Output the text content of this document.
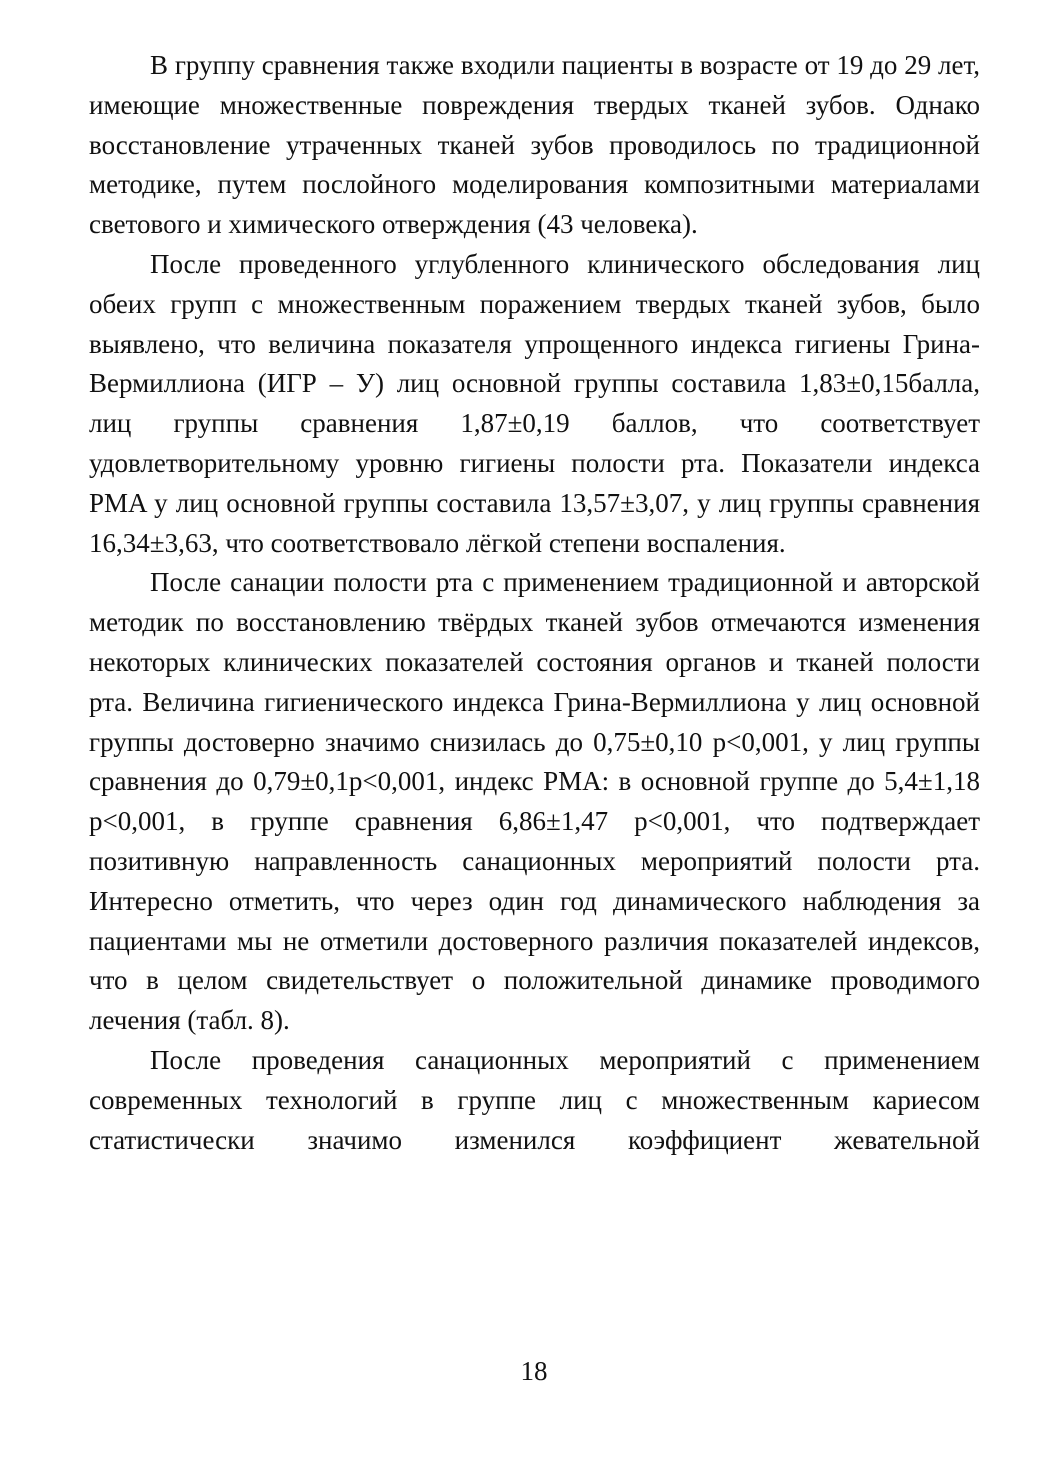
В группу сравнения также входили пациенты в возрасте от 19 до 29 лет, имеющие множественные повреждения твердых тканей зубов. Однако восстановление утраченных тканей зубов проводилось по традиционной методике, путем послойного моделирования композитными материалами светового и химического отверждения (43 человека).

После проведенного углубленного клинического обследования лиц обеих групп с множественным поражением твердых тканей зубов, было выявлено, что величина показателя упрощенного индекса гигиены Грина-Вермиллиона (ИГР – У) лиц основной группы составила 1,83±0,15балла, лиц группы сравнения 1,87±0,19 баллов, что соответствует удовлетворительному уровню гигиены полости рта. Показатели индекса PMA у лиц основной группы составила 13,57±3,07, у лиц группы сравнения 16,34±3,63, что соответствовало лёгкой степени воспаления.

После санации полости рта с применением традиционной и авторской методик по восстановлению твёрдых тканей зубов отмечаются изменения некоторых клинических показателей состояния органов и тканей полости рта. Величина гигиенического индекса Грина-Вермиллиона у лиц основной группы достоверно значимо снизилась до 0,75±0,10 р<0,001, у лиц группы сравнения до 0,79±0,1р<0,001, индекс РМА: в основной группе до 5,4±1,18 р<0,001, в группе сравнения 6,86±1,47 р<0,001, что подтверждает позитивную направленность санационных мероприятий полости рта. Интересно отметить, что через один год динамического наблюдения за пациентами мы не отметили достоверного различия показателей индексов, что в целом свидетельствует о положительной динамике проводимого лечения (табл. 8).

После проведения санационных мероприятий с применением современных технологий в группе лиц с множественным кариесом статистически значимо изменился коэффициент жевательной

18
